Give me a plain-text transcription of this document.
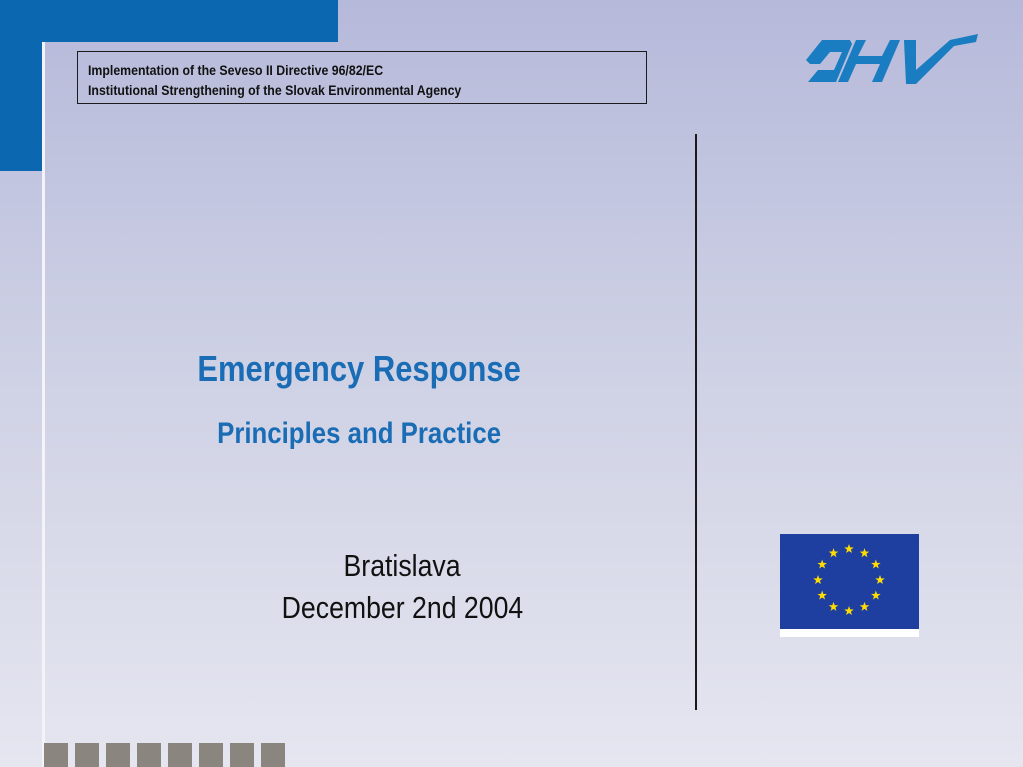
Implementation of the Seveso II Directive 96/82/EC
Institutional Strengthening of the Slovak Environmental Agency
Emergency Response
Principles and Practice
Bratislava
December 2nd 2004
